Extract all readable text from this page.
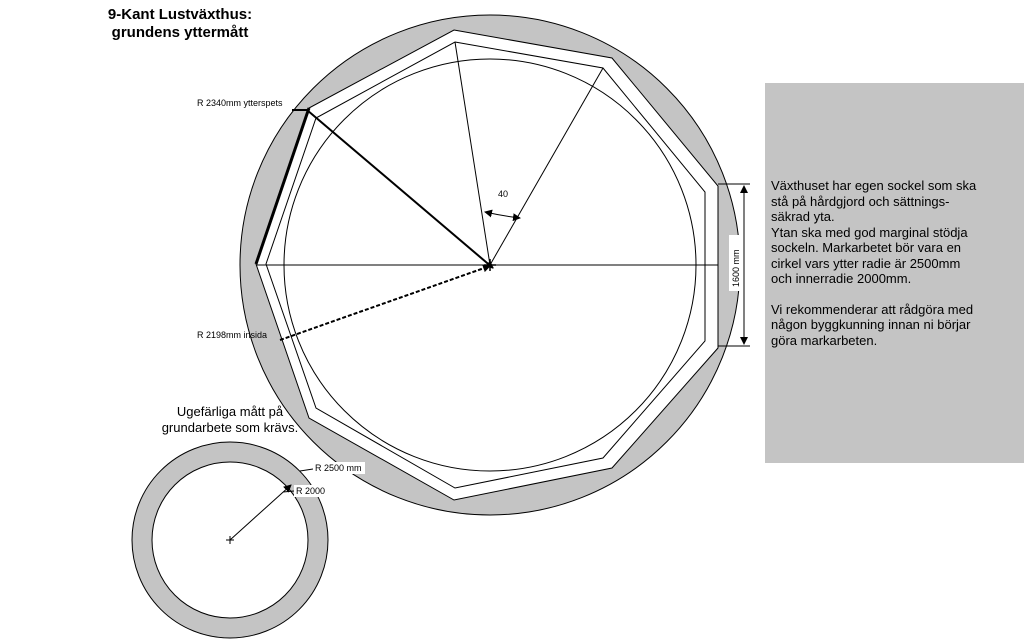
9-Kant Lustväxthus:
grundens yttermått
40
1600 mm
R 2340mm ytterspets
R 2198mm insida
R 2500 mm
R 2000
Ugefärliga mått på
grundarbete som krävs.

Växthuset har egen sockel som ska

stå på hårdgjord och sättnings-

säkrad yta.

Ytan ska med god marginal stödja

sockeln. Markarbetet bör vara en

cirkel vars ytter radie är 2500mm

och innerradie 2000mm.

Vi rekommenderar att rådgöra med

någon byggkunning innan ni börjar

göra markarbeten.
